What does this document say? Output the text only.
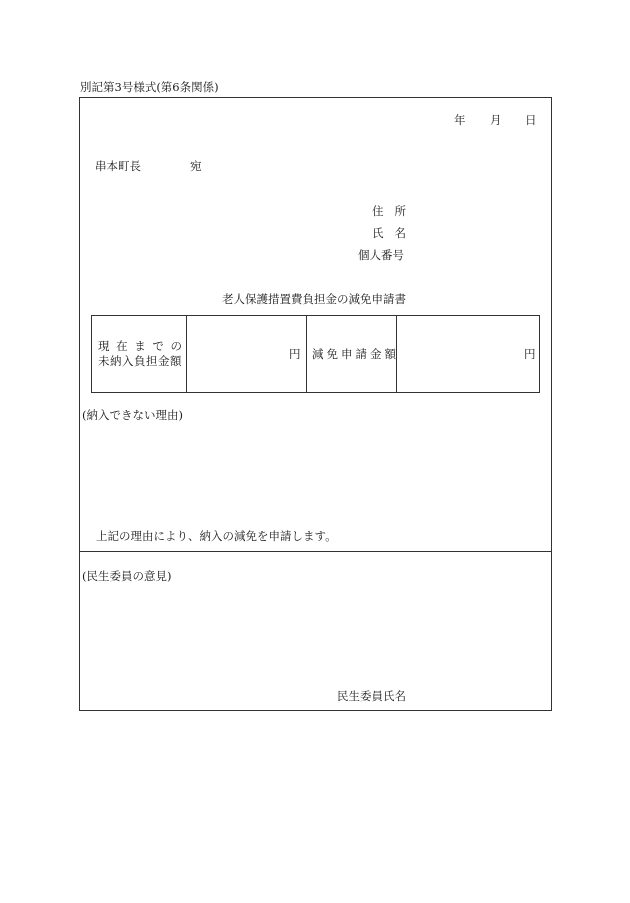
別記第3号様式(第6条関係)
年 月 日
串本町長	宛
住所
氏名
個人番号
老人保護措置費負担金の減免申請書
現在までの
未納入負担金額	円 減免申請金額	円
(納入できない理由)
上記の理由により、納入の減免を申請します。
(民生委員の意見)
民生委員氏名
